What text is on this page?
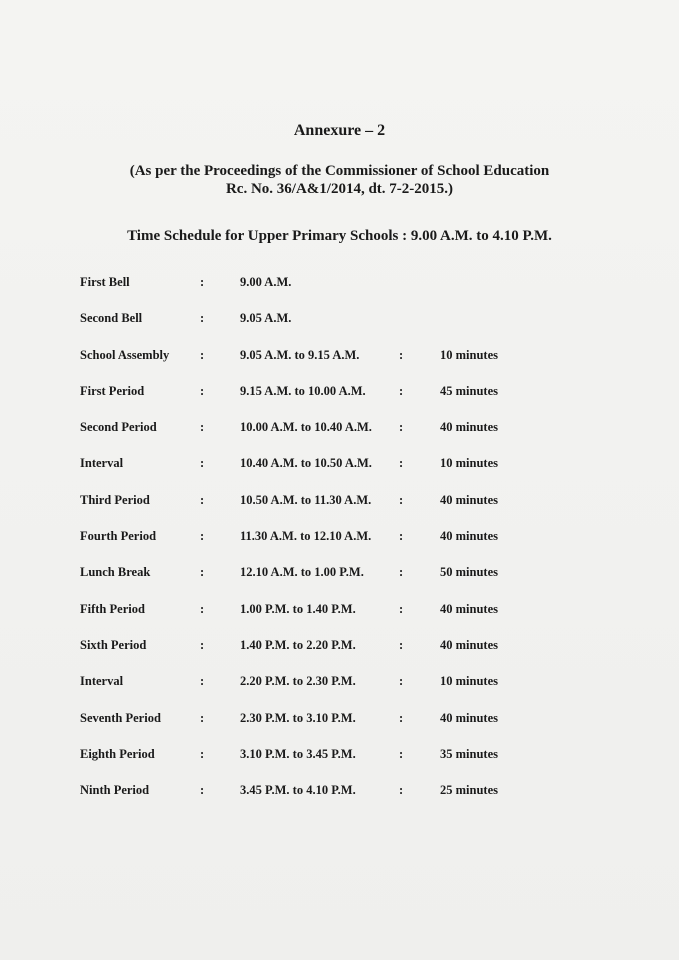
Annexure – 2
(As per the Proceedings of the Commissioner of School Education
Rc. No. 36/A&1/2014, dt. 7-2-2015.)
Time Schedule for Upper Primary Schools : 9.00 A.M. to 4.10 P.M.
First Bell	:	9.00 A.M.
Second Bell	:	9.05 A.M.
School Assembly :	9.05 A.M. to 9.15 A.M.	:	10 minutes
First Period	:	9.15 A.M. to 10.00 A.M.	:	45 minutes
Second Period	:	10.00 A.M. to 10.40 A.M. :	40 minutes
Interval	:	10.40 A.M. to 10.50 A.M. :	10 minutes
Third Period	:	10.50 A.M. to 11.30 A.M. :	40 minutes
Fourth Period	:	11.30 A.M. to 12.10 A.M. :	40 minutes
Lunch Break	:	12.10 A.M. to 1.00 P.M.	:	50 minutes
Fifth Period	:	1.00 P.M. to 1.40 P.M.	:	40 minutes
Sixth Period	:	1.40 P.M. to 2.20 P.M.	:	40 minutes
Interval	:	2.20 P.M. to 2.30 P.M.	:	10 minutes
Seventh Period	:	2.30 P.M. to 3.10 P.M.	:	40 minutes
Eighth Period	:	3.10 P.M. to 3.45 P.M.	:	35 minutes
Ninth Period	:	3.45 P.M. to 4.10 P.M.	:	25 minutes
